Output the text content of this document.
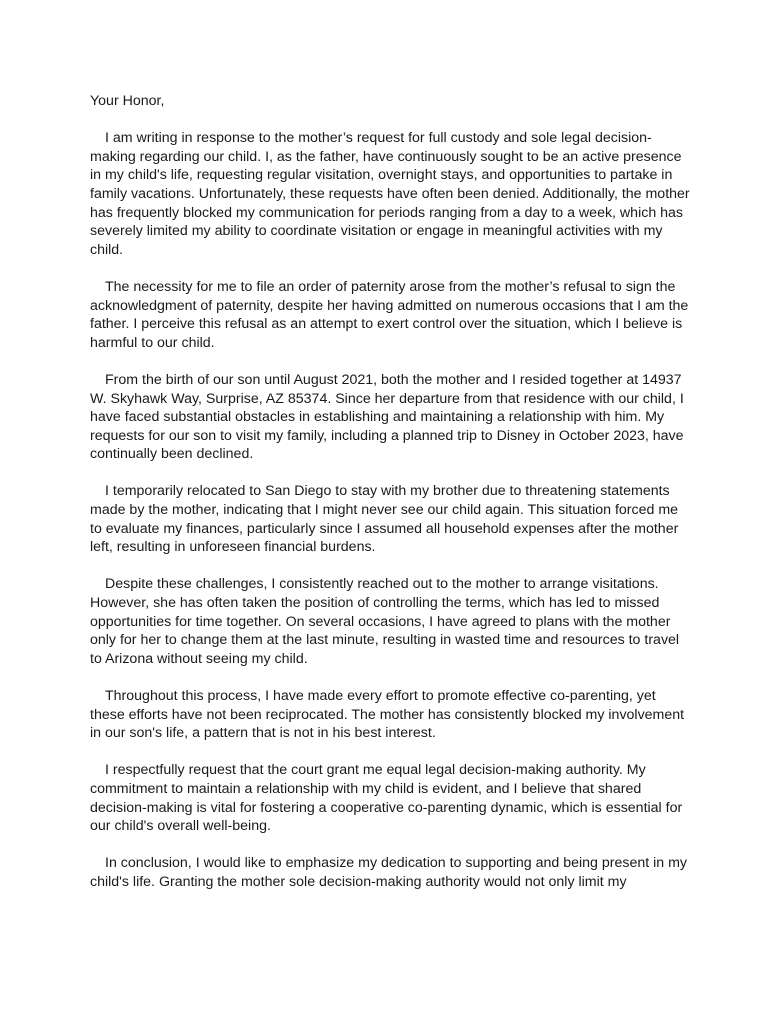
Your Honor,

I am writing in response to the mother’s request for full custody and sole legal decision-making regarding our child. I, as the father, have continuously sought to be an active presence in my child's life, requesting regular visitation, overnight stays, and opportunities to partake in family vacations. Unfortunately, these requests have often been denied. Additionally, the mother has frequently blocked my communication for periods ranging from a day to a week, which has severely limited my ability to coordinate visitation or engage in meaningful activities with my child.

The necessity for me to file an order of paternity arose from the mother’s refusal to sign the acknowledgment of paternity, despite her having admitted on numerous occasions that I am the father. I perceive this refusal as an attempt to exert control over the situation, which I believe is harmful to our child.

From the birth of our son until August 2021, both the mother and I resided together at 14937 W. Skyhawk Way, Surprise, AZ 85374. Since her departure from that residence with our child, I have faced substantial obstacles in establishing and maintaining a relationship with him. My requests for our son to visit my family, including a planned trip to Disney in October 2023, have continually been declined.

I temporarily relocated to San Diego to stay with my brother due to threatening statements made by the mother, indicating that I might never see our child again. This situation forced me to evaluate my finances, particularly since I assumed all household expenses after the mother left, resulting in unforeseen financial burdens.

Despite these challenges, I consistently reached out to the mother to arrange visitations. However, she has often taken the position of controlling the terms, which has led to missed opportunities for time together. On several occasions, I have agreed to plans with the mother only for her to change them at the last minute, resulting in wasted time and resources to travel to Arizona without seeing my child.

Throughout this process, I have made every effort to promote effective co-parenting, yet these efforts have not been reciprocated. The mother has consistently blocked my involvement in our son's life, a pattern that is not in his best interest.

I respectfully request that the court grant me equal legal decision-making authority. My commitment to maintain a relationship with my child is evident, and I believe that shared decision-making is vital for fostering a cooperative co-parenting dynamic, which is essential for our child's overall well-being.

In conclusion, I would like to emphasize my dedication to supporting and being present in my child's life. Granting the mother sole decision-making authority would not only limit my
